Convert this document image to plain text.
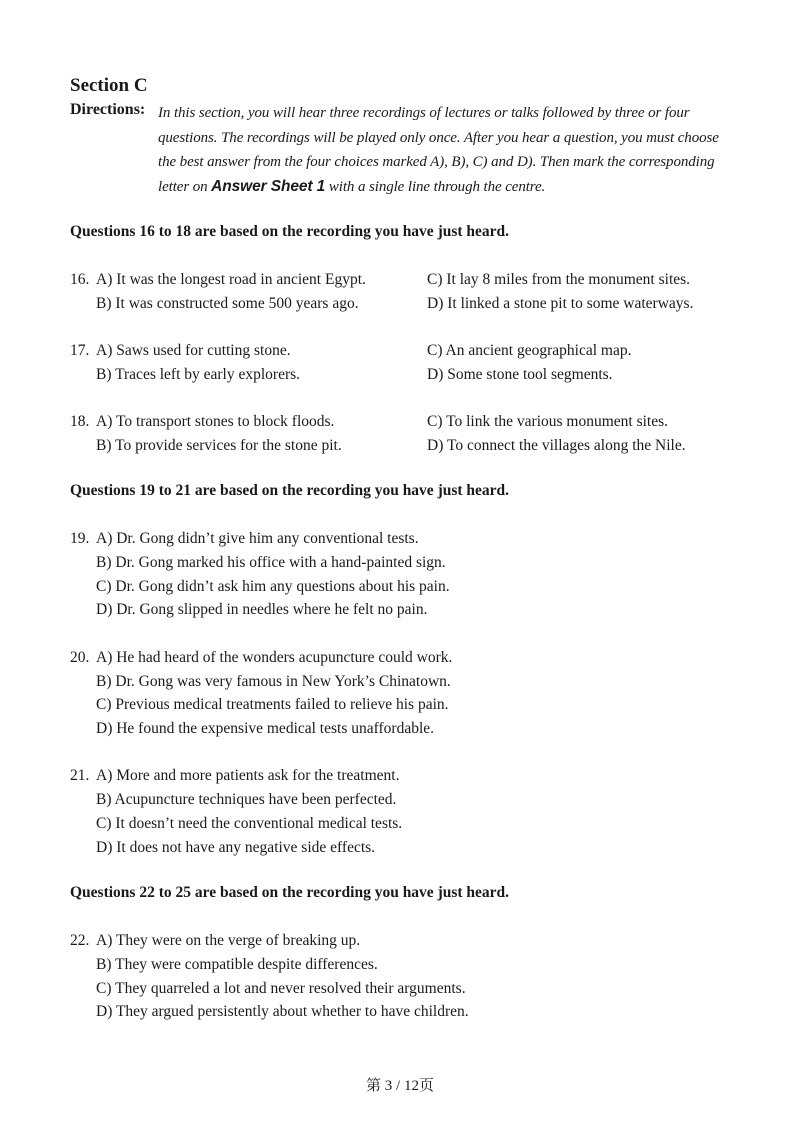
Section C
Directions: In this section, you will hear three recordings of lectures or talks followed by three or four questions. The recordings will be played only once. After you hear a question, you must choose the best answer from the four choices marked A), B), C) and D). Then mark the corresponding letter on Answer Sheet 1 with a single line through the centre.
Questions 16 to 18 are based on the recording you have just heard.
16. A) It was the longest road in ancient Egypt.
B) It was constructed some 500 years ago.
C) It lay 8 miles from the monument sites.
D) It linked a stone pit to some waterways.
17. A) Saws used for cutting stone.
B) Traces left by early explorers.
C) An ancient geographical map.
D) Some stone tool segments.
18. A) To transport stones to block floods.
B) To provide services for the stone pit.
C) To link the various monument sites.
D) To connect the villages along the Nile.
Questions 19 to 21 are based on the recording you have just heard.
19. A) Dr. Gong didn’t give him any conventional tests.
B) Dr. Gong marked his office with a hand-painted sign.
C) Dr. Gong didn’t ask him any questions about his pain.
D) Dr. Gong slipped in needles where he felt no pain.
20. A) He had heard of the wonders acupuncture could work.
B) Dr. Gong was very famous in New York’s Chinatown.
C) Previous medical treatments failed to relieve his pain.
D) He found the expensive medical tests unaffordable.
21. A) More and more patients ask for the treatment.
B) Acupuncture techniques have been perfected.
C) It doesn’t need the conventional medical tests.
D) It does not have any negative side effects.
Questions 22 to 25 are based on the recording you have just heard.
22. A) They were on the verge of breaking up.
B) They were compatible despite differences.
C) They quarreled a lot and never resolved their arguments.
D) They argued persistently about whether to have children.
第 3 / 12页
